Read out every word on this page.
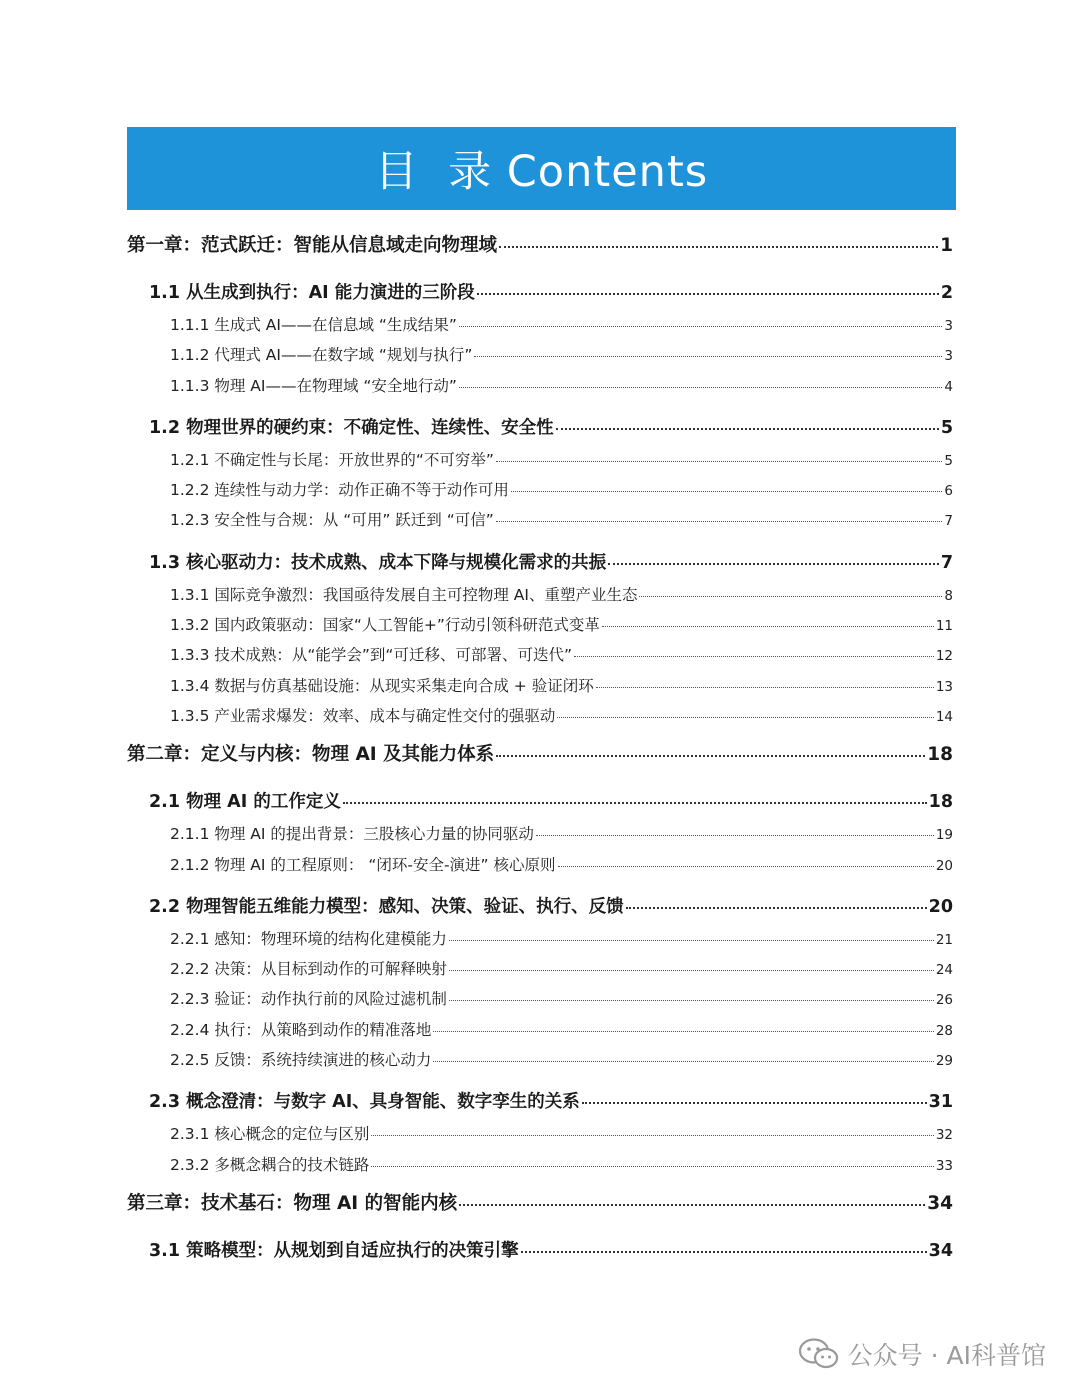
目  录 Contents
第一章：范式跃迁：智能从信息域走向物理域	1
1.1 从生成到执行：AI 能力演进的三阶段	2
1.1.1 生成式 AI——在信息域 “生成结果”	3
1.1.2 代理式 AI——在数字域 “规划与执行”	3
1.1.3 物理 AI——在物理域 “安全地行动”	4
1.2 物理世界的硬约束：不确定性、连续性、安全性	5
1.2.1 不确定性与长尾：开放世界的“不可穷举”	5
1.2.2 连续性与动力学：动作正确不等于动作可用	6
1.2.3 安全性与合规：从 “可用” 跃迁到 “可信”	7
1.3 核心驱动力：技术成熟、成本下降与规模化需求的共振	7
1.3.1 国际竞争激烈：我国亟待发展自主可控物理 AI、重塑产业生态	8
1.3.2 国内政策驱动：国家“人工智能+”行动引领科研范式变革	11
1.3.3 技术成熟：从“能学会”到“可迁移、可部署、可迭代”	12
1.3.4 数据与仿真基础设施：从现实采集走向合成 + 验证闭环	13
1.3.5 产业需求爆发：效率、成本与确定性交付的强驱动	14
第二章：定义与内核：物理 AI 及其能力体系	18
2.1 物理 AI 的工作定义	18
2.1.1 物理 AI 的提出背景：三股核心力量的协同驱动	19
2.1.2 物理 AI 的工程原则： “闭环-安全-演进” 核心原则	20
2.2 物理智能五维能力模型：感知、决策、验证、执行、反馈	20
2.2.1 感知：物理环境的结构化建模能力	21
2.2.2 决策：从目标到动作的可解释映射	24
2.2.3 验证：动作执行前的风险过滤机制	26
2.2.4 执行：从策略到动作的精准落地	28
2.2.5 反馈：系统持续演进的核心动力	29
2.3 概念澄清：与数字 AI、具身智能、数字孪生的关系	31
2.3.1 核心概念的定位与区别	32
2.3.2 多概念耦合的技术链路	33
第三章：技术基石：物理 AI 的智能内核	34
3.1 策略模型：从规划到自适应执行的决策引擎	34
公众号 · AI科普馆
